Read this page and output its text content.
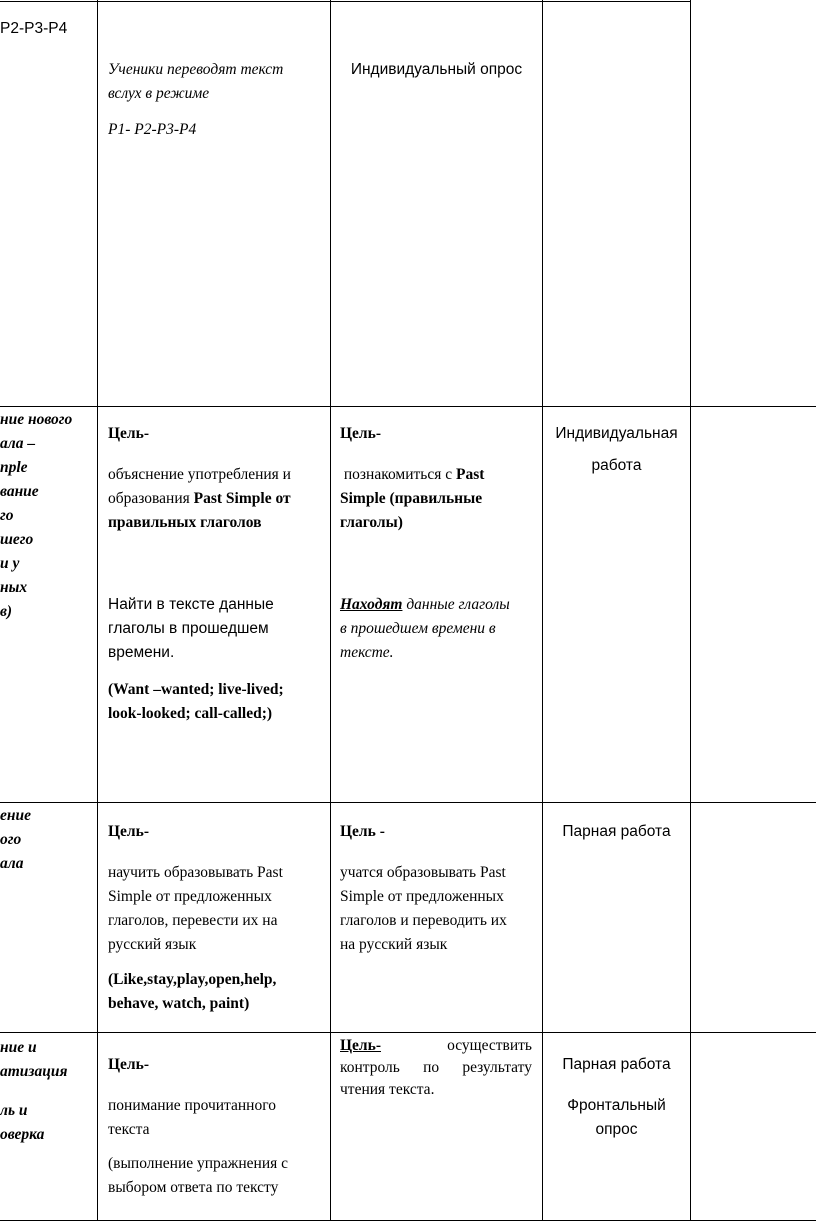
P2-P3-P4

Ученики переводят текст

вслух в режиме

P1- P2-P3-P4

Индивидуальный опрос

ние нового

ала –

nple

вание

го

шего

и у

ных

в)

Цель-

объяснение употребления и

образования Past Simple от

правильных глаголов

Найти в тексте данные

глаголы в прошедшем

времени.

(Want –wanted; live-lived;

look-looked; call-called;)

Цель-

познакомиться с Past

Simple (правильные

глаголы)

Находят данные глаголы

в прошедшем времени в

тексте.

Индивидуальная

работа

ение

ого

ала

Цель-

научить образовывать Past

Simple от предложенных

глаголов, перевести их на

русский язык

(Like,stay,play,open,help,

behave, watch, paint)

Цель -

учатся образовывать Past

Simple от предложенных

глаголов и переводить их

на русский язык

Парная работа

ние и

атизация

ль и

оверка

Цель-

понимание прочитанного

текста

(выполнение упражнения с

выбором ответа по тексту

Цель-	осуществить

контроль по результату

чтения текста.

Парная работа

Фронтальный

опрос
